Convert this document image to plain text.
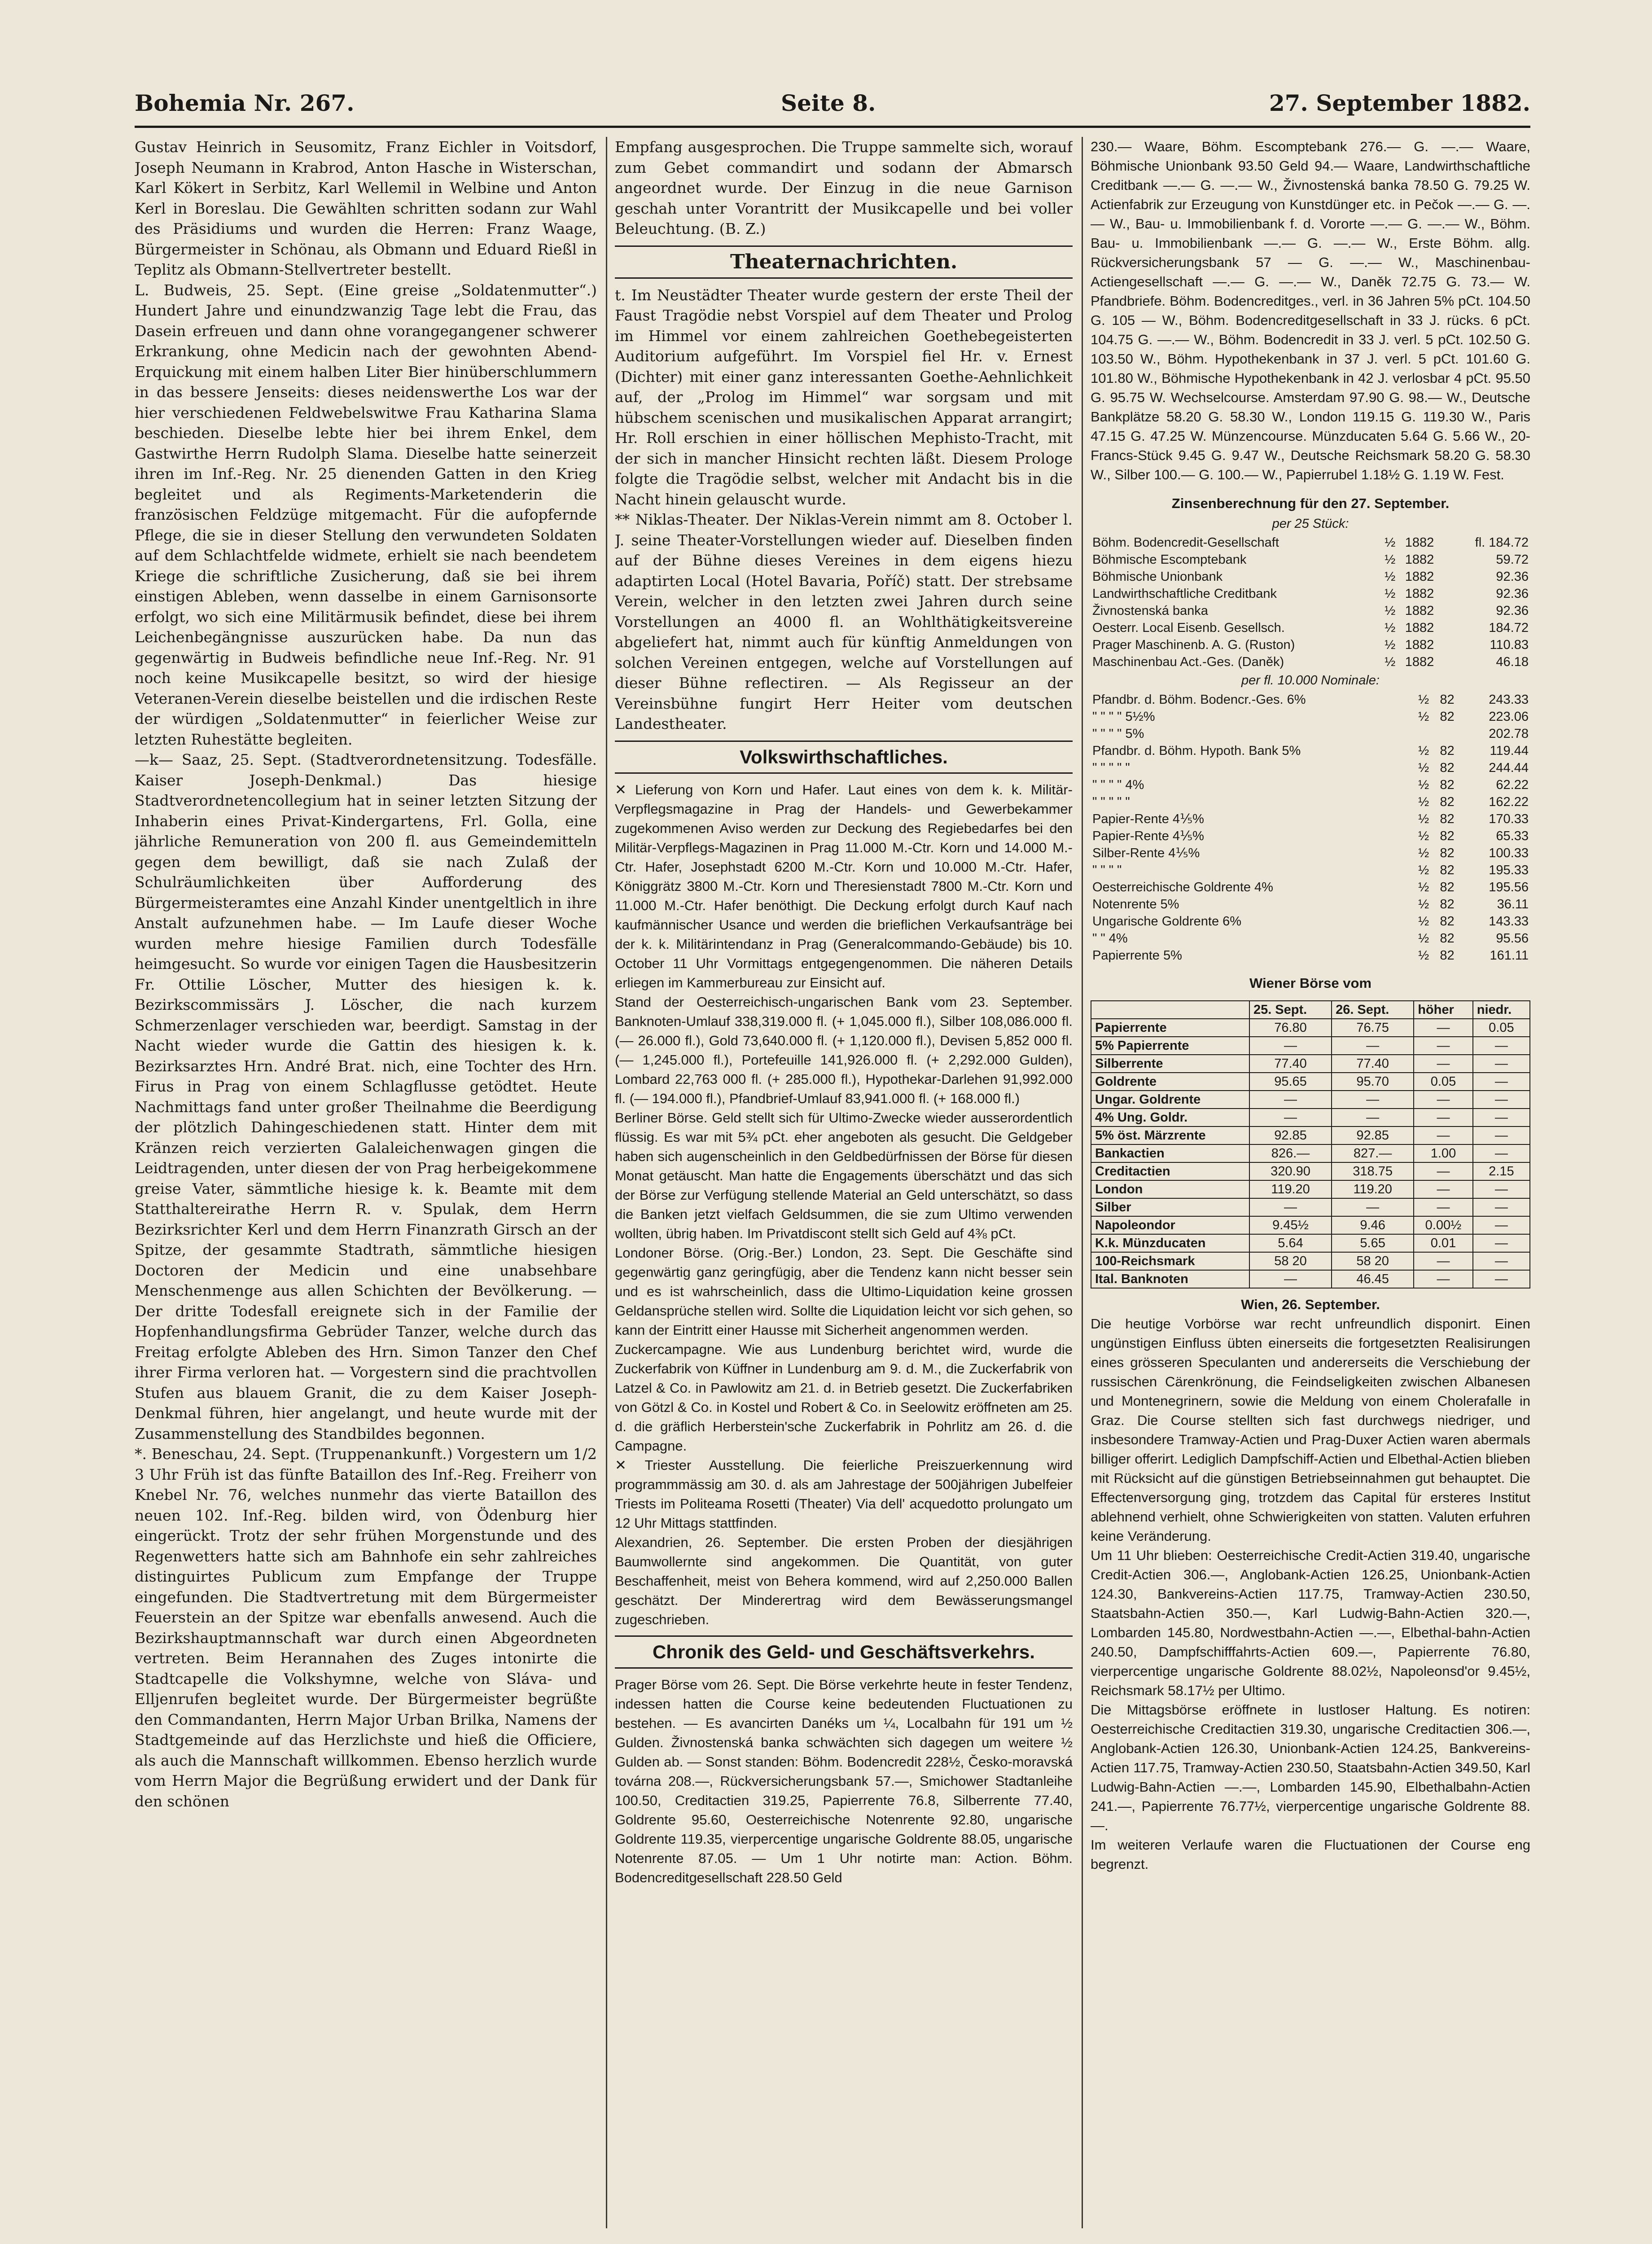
Bohemia Nr. 267.	Seite 8.	27. September 1882.

Gustav Heinrich in Seusomitz, Franz Eichler in Voitsdorf, Joseph Neumann in Krabrod, Anton Hasche in Wisterschan, Karl Kökert in Serbitz, Karl Wellemil in Welbine und Anton Kerl in Boreslau. Die Gewählten schritten sodann zur Wahl des Präsidiums und wurden die Herren: Franz Waage, Bürgermeister in Schönau, als Obmann und Eduard Rießl in Teplitz als Obmann-Stellvertreter bestellt.

L. Budweis, 25. Sept. (Eine greise „Soldatenmutter“.) Hundert Jahre und einundzwanzig Tage lebt die Frau, das Dasein erfreuen und dann ohne vorangegangener schwerer Erkrankung, ohne Medicin nach der gewohnten Abend-Erquickung mit einem halben Liter Bier hinüberschlummern in das bessere Jenseits: dieses neidenswerthe Los war der hier verschiedenen Feldwebelswitwe Frau Katharina Slama beschieden. Dieselbe lebte hier bei ihrem Enkel, dem Gastwirthe Herrn Rudolph Slama. Dieselbe hatte seinerzeit ihren im Inf.-Reg. Nr. 25 dienenden Gatten in den Krieg begleitet und als Regiments-Marketenderin die französischen Feldzüge mitgemacht. Für die aufopfernde Pflege, die sie in dieser Stellung den verwundeten Soldaten auf dem Schlachtfelde widmete, erhielt sie nach beendetem Kriege die schriftliche Zusicherung, daß sie bei ihrem einstigen Ableben, wenn dasselbe in einem Garnisonsorte erfolgt, wo sich eine Militärmusik befindet, diese bei ihrem Leichenbegängnisse auszurücken habe. Da nun das gegenwärtig in Budweis befindliche neue Inf.-Reg. Nr. 91 noch keine Musikcapelle besitzt, so wird der hiesige Veteranen-Verein dieselbe beistellen und die irdischen Reste der würdigen „Soldatenmutter“ in feierlicher Weise zur letzten Ruhestätte begleiten.

—k— Saaz, 25. Sept. (Stadtverordnetensitzung. Todesfälle. Kaiser Joseph-Denkmal.) Das hiesige Stadtverordnetencollegium hat in seiner letzten Sitzung der Inhaberin eines Privat-Kindergartens, Frl. Golla, eine jährliche Remuneration von 200 fl. aus Gemeindemitteln gegen dem bewilligt, daß sie nach Zulaß der Schulräumlichkeiten über Aufforderung des Bürgermeisteramtes eine Anzahl Kinder unentgeltlich in ihre Anstalt aufzunehmen habe. — Im Laufe dieser Woche wurden mehre hiesige Familien durch Todesfälle heimgesucht. So wurde vor einigen Tagen die Hausbesitzerin Fr. Ottilie Löscher, Mutter des hiesigen k. k. Bezirkscommissärs J. Löscher, die nach kurzem Schmerzenlager verschieden war, beerdigt. Samstag in der Nacht wieder wurde die Gattin des hiesigen k. k. Bezirksarztes Hrn. André Brat. nich, eine Tochter des Hrn. Firus in Prag von einem Schlagflusse getödtet. Heute Nachmittags fand unter großer Theilnahme die Beerdigung der plötzlich Dahingeschiedenen statt. Hinter dem mit Kränzen reich verzierten Galaleichenwagen gingen die Leidtragenden, unter diesen der von Prag herbeigekommene greise Vater, sämmtliche hiesige k. k. Beamte mit dem Statthaltereirathe Herrn R. v. Spulak, dem Herrn Bezirksrichter Kerl und dem Herrn Finanzrath Girsch an der Spitze, der gesammte Stadtrath, sämmtliche hiesigen Doctoren der Medicin und eine unabsehbare Menschenmenge aus allen Schichten der Bevölkerung. — Der dritte Todesfall ereignete sich in der Familie der Hopfenhandlungsfirma Gebrüder Tanzer, welche durch das Freitag erfolgte Ableben des Hrn. Simon Tanzer den Chef ihrer Firma verloren hat. — Vorgestern sind die prachtvollen Stufen aus blauem Granit, die zu dem Kaiser Joseph-Denkmal führen, hier angelangt, und heute wurde mit der Zusammenstellung des Standbildes begonnen.

*. Beneschau, 24. Sept. (Truppenankunft.) Vorgestern um 1/2 3 Uhr Früh ist das fünfte Bataillon des Inf.-Reg. Freiherr von Knebel Nr. 76, welches nunmehr das vierte Bataillon des neuen 102. Inf.-Reg. bilden wird, von Ödenburg hier eingerückt. Trotz der sehr frühen Morgenstunde und des Regenwetters hatte sich am Bahnhofe ein sehr zahlreiches distinguirtes Publicum zum Empfange der Truppe eingefunden. Die Stadtvertretung mit dem Bürgermeister Feuerstein an der Spitze war ebenfalls anwesend. Auch die Bezirkshauptmannschaft war durch einen Abgeordneten vertreten. Beim Herannahen des Zuges intonirte die Stadtcapelle die Volkshymne, welche von Sláva- und Elljenrufen begleitet wurde. Der Bürgermeister begrüßte den Commandanten, Herrn Major Urban Brilka, Namens der Stadtgemeinde auf das Herzlichste und hieß die Officiere, als auch die Mannschaft willkommen. Ebenso herzlich wurde vom Herrn Major die Begrüßung erwidert und der Dank für den schönen

Empfang ausgesprochen. Die Truppe sammelte sich, worauf zum Gebet commandirt und sodann der Abmarsch angeordnet wurde. Der Einzug in die neue Garnison geschah unter Vorantritt der Musikcapelle und bei voller Beleuchtung. (B. Z.)

Theaternachrichten.

t. Im Neustädter Theater wurde gestern der erste Theil der Faust Tragödie nebst Vorspiel auf dem Theater und Prolog im Himmel vor einem zahlreichen Goethebegeisterten Auditorium aufgeführt. Im Vorspiel fiel Hr. v. Ernest (Dichter) mit einer ganz interessanten Goethe-Aehnlichkeit auf, der „Prolog im Himmel“ war sorgsam und mit hübschem scenischen und musikalischen Apparat arrangirt; Hr. Roll erschien in einer höllischen Mephisto-Tracht, mit der sich in mancher Hinsicht rechten läßt. Diesem Prologe folgte die Tragödie selbst, welcher mit Andacht bis in die Nacht hinein gelauscht wurde.

** Niklas-Theater. Der Niklas-Verein nimmt am 8. October l. J. seine Theater-Vorstellungen wieder auf. Dieselben finden auf der Bühne dieses Vereines in dem eigens hiezu adaptirten Local (Hotel Bavaria, Poříč) statt. Der strebsame Verein, welcher in den letzten zwei Jahren durch seine Vorstellungen an 4000 fl. an Wohlthätigkeitsvereine abgeliefert hat, nimmt auch für künftig Anmeldungen von solchen Vereinen entgegen, welche auf Vorstellungen auf dieser Bühne reflectiren. — Als Regisseur an der Vereinsbühne fungirt Herr Heiter vom deutschen Landestheater.

Volkswirthschaftliches.

✕ Lieferung von Korn und Hafer. Laut eines von dem k. k. Militär-Verpflegsmagazine in Prag der Handels- und Gewerbekammer zugekommenen Aviso werden zur Deckung des Regiebedarfes bei den Militär-Verpflegs-Magazinen in Prag 11.000 M.-Ctr. Korn und 14.000 M.-Ctr. Hafer, Josephstadt 6200 M.-Ctr. Korn und 10.000 M.-Ctr. Hafer, Königgrätz 3800 M.-Ctr. Korn und Theresienstadt 7800 M.-Ctr. Korn und 11.000 M.-Ctr. Hafer benöthigt. Die Deckung erfolgt durch Kauf nach kaufmännischer Usance und werden die brieflichen Verkaufsanträge bei der k. k. Militärintendanz in Prag (Generalcommando-Gebäude) bis 10. October 11 Uhr Vormittags entgegengenommen. Die näheren Details erliegen im Kammerbureau zur Einsicht auf.

Stand der Oesterreichisch-ungarischen Bank vom 23. September. Banknoten-Umlauf 338,319.000 fl. (+ 1,045.000 fl.), Silber 108,086.000 fl. (— 26.000 fl.), Gold 73,640.000 fl. (+ 1,120.000 fl.), Devisen 5,852 000 fl. (— 1,245.000 fl.), Portefeuille 141,926.000 fl. (+ 2,292.000 Gulden), Lombard 22,763 000 fl. (+ 285.000 fl.), Hypothekar-Darlehen 91,992.000 fl. (— 194.000 fl.), Pfandbrief-Umlauf 83,941.000 fl. (+ 168.000 fl.)

Berliner Börse. Geld stellt sich für Ultimo-Zwecke wieder ausserordentlich flüssig. Es war mit 5¾ pCt. eher angeboten als gesucht. Die Geldgeber haben sich augenscheinlich in den Geldbedürfnissen der Börse für diesen Monat getäuscht. Man hatte die Engagements überschätzt und das sich der Börse zur Verfügung stellende Material an Geld unterschätzt, so dass die Banken jetzt vielfach Geldsummen, die sie zum Ultimo verwenden wollten, übrig haben. Im Privatdiscont stellt sich Geld auf 4⅜ pCt.

Londoner Börse. (Orig.-Ber.) London, 23. Sept. Die Geschäfte sind gegenwärtig ganz geringfügig, aber die Tendenz kann nicht besser sein und es ist wahrscheinlich, dass die Ultimo-Liquidation keine grossen Geldansprüche stellen wird. Sollte die Liquidation leicht vor sich gehen, so kann der Eintritt einer Hausse mit Sicherheit angenommen werden.

Zuckercampagne. Wie aus Lundenburg berichtet wird, wurde die Zuckerfabrik von Küffner in Lundenburg am 9. d. M., die Zuckerfabrik von Latzel & Co. in Pawlowitz am 21. d. in Betrieb gesetzt. Die Zuckerfabriken von Götzl & Co. in Kostel und Robert & Co. in Seelowitz eröffneten am 25. d. die gräflich Herberstein'sche Zuckerfabrik in Pohrlitz am 26. d. die Campagne.

✕ Triester Ausstellung. Die feierliche Preiszuerkennung wird programmmässig am 30. d. als am Jahrestage der 500jährigen Jubelfeier Triests im Politeama Rosetti (Theater) Via dell' acquedotto prolungato um 12 Uhr Mittags stattfinden.

Alexandrien, 26. September. Die ersten Proben der diesjährigen Baumwollernte sind angekommen. Die Quantität, von guter Beschaffenheit, meist von Behera kommend, wird auf 2,250.000 Ballen geschätzt. Der Minderertrag wird dem Bewässerungsmangel zugeschrieben.

Chronik des Geld- und Geschäftsverkehrs.

Prager Börse vom 26. Sept. Die Börse verkehrte heute in fester Tendenz, indessen hatten die Course keine bedeutenden Fluctuationen zu bestehen. — Es avancirten Danéks um ¼, Localbahn für 191 um ½ Gulden. Živnostenská banka schwächten sich dagegen um weitere ½ Gulden ab. — Sonst standen: Böhm. Bodencredit 228½, Česko-moravská továrna 208.—, Rückversicherungsbank 57.—, Smichower Stadtanleihe 100.50, Creditactien 319.25, Papierrente 76.8, Silberrente 77.40, Goldrente 95.60, Oesterreichische Notenrente 92.80, ungarische Goldrente 119.35, vierpercentige ungarische Goldrente 88.05, ungarische Notenrente 87.05. — Um 1 Uhr notirte man: Action. Böhm. Bodencreditgesellschaft 228.50 Geld

230.— Waare, Böhm. Escomptebank 276.— G. —.— Waare, Böhmische Unionbank 93.50 Geld 94.— Waare, Landwirthschaftliche Creditbank —.— G. —.— W., Živnostenská banka 78.50 G. 79.25 W. Actienfabrik zur Erzeugung von Kunstdünger etc. in Pečok —.— G. —.— W., Bau- u. Immobilienbank f. d. Vororte —.— G. —.— W., Böhm. Bau- u. Immobilienbank —.— G. —.— W., Erste Böhm. allg. Rückversicherungsbank 57 — G. —.— W., Maschinenbau-Actiengesellschaft —.— G. —.— W., Daněk 72.75 G. 73.— W. Pfandbriefe. Böhm. Bodencreditges., verl. in 36 Jahren 5% pCt. 104.50 G. 105 — W., Böhm. Bodencreditgesellschaft in 33 J. rücks. 6 pCt. 104.75 G. —.— W., Böhm. Bodencredit in 33 J. verl. 5 pCt. 102.50 G. 103.50 W., Böhm. Hypothekenbank in 37 J. verl. 5 pCt. 101.60 G. 101.80 W., Böhmische Hypothekenbank in 42 J. verlosbar 4 pCt. 95.50 G. 95.75 W. Wechselcourse. Amsterdam 97.90 G. 98.— W., Deutsche Bankplätze 58.20 G. 58.30 W., London 119.15 G. 119.30 W., Paris 47.15 G. 47.25 W. Münzencourse. Münzducaten 5.64 G. 5.66 W., 20-Francs-Stück 9.45 G. 9.47 W., Deutsche Reichsmark 58.20 G. 58.30 W., Silber 100.— G. 100.— W., Papierrubel 1.18½ G. 1.19 W. Fest.

Zinsenberechnung für den 27. September.
per 25 Stück:
Böhm. Bodencredit-Gesellschaft	½	1882	fl. 184.72
Böhmische Escomptebank	½	1882	59.72
Böhmische Unionbank	½	1882	92.36
Landwirthschaftliche Creditbank	½	1882	92.36
Živnostenská banka	½	1882	92.36
Oesterr. Local Eisenb. Gesellsch.	½	1882	184.72
Prager Maschinenb. A. G. (Ruston)	½	1882	110.83
Maschinenbau Act.-Ges. (Daněk)	½	1882	46.18
per fl. 10.000 Nominale:
Pfandbr. d. Böhm. Bodencr.-Ges. 6%	½	82	243.33
" " " " 5½%	½	82	223.06
" " " " 5%			202.78
Pfandbr. d. Böhm. Hypoth. Bank 5%	½	82	119.44
" " " " "	½	82	244.44
" " " " 4%	½	82	62.22
" " " " "	½	82	162.22
Papier-Rente 4⅕%	½	82	170.33
Papier-Rente 4⅕%	½	82	65.33
Silber-Rente 4⅕%	½	82	100.33
" " " "	½	82	195.33
Oesterreichische Goldrente 4%	½	82	195.56
Notenrente 5%	½	82	36.11
Ungarische Goldrente 6%	½	82	143.33
" " 4%	½	82	95.56
Papierrente 5%	½	82	161.11
Wiener Börse vom
	25. Sept.	26. Sept.	höher	niedr.
Papierrente	76.80	76.75	—	0.05
5% Papierrente	—	—	—	—
Silberrente	77.40	77.40	—	—
Goldrente	95.65	95.70	0.05	—
Ungar. Goldrente	—	—	—	—
4% Ung. Goldr.	—	—	—	—
5% öst. Märzrente	92.85	92.85	—	—
Bankactien	826.—	827.—	1.00	—
Creditactien	320.90	318.75	—	2.15
London	119.20	119.20	—	—
Silber	—	—	—	—
Napoleondor	9.45½	9.46	0.00½	—
K.k. Münzducaten	5.64	5.65	0.01	—
100-Reichsmark	58 20	58 20	—	—
Ital. Banknoten	—	46.45	—	—
Wien, 26. September.

Die heutige Vorbörse war recht unfreundlich disponirt. Einen ungünstigen Einfluss übten einerseits die fortgesetzten Realisirungen eines grösseren Speculanten und andererseits die Verschiebung der russischen Cärenkrönung, die Feindseligkeiten zwischen Albanesen und Montenegrinern, sowie die Meldung von einem Cholerafalle in Graz. Die Course stellten sich fast durchwegs niedriger, und insbesondere Tramway-Actien und Prag-Duxer Actien waren abermals billiger offerirt. Lediglich Dampfschiff-Actien und Elbethal-Actien blieben mit Rücksicht auf die günstigen Betriebseinnahmen gut behauptet. Die Effectenversorgung ging, trotzdem das Capital für ersteres Institut ablehnend verhielt, ohne Schwierigkeiten von statten. Valuten erfuhren keine Veränderung.

Um 11 Uhr blieben: Oesterreichische Credit-Actien 319.40, ungarische Credit-Actien 306.—, Anglobank-Actien 126.25, Unionbank-Actien 124.30, Bankvereins-Actien 117.75, Tramway-Actien 230.50, Staatsbahn-Actien 350.—, Karl Ludwig-Bahn-Actien 320.—, Lombarden 145.80, Nordwestbahn-Actien —.—, Elbethal-bahn-Actien 240.50, Dampfschifffahrts-Actien 609.—, Papierrente 76.80, vierpercentige ungarische Goldrente 88.02½, Napoleonsd'or 9.45½, Reichsmark 58.17½ per Ultimo.

Die Mittagsbörse eröffnete in lustloser Haltung. Es notiren: Oesterreichische Creditactien 319.30, ungarische Creditactien 306.—, Anglobank-Actien 126.30, Unionbank-Actien 124.25, Bankvereins-Actien 117.75, Tramway-Actien 230.50, Staatsbahn-Actien 349.50, Karl Ludwig-Bahn-Actien —.—, Lombarden 145.90, Elbethalbahn-Actien 241.—, Papierrente 76.77½, vierpercentige ungarische Goldrente 88.—.

Im weiteren Verlaufe waren die Fluctuationen der Course eng begrenzt.
